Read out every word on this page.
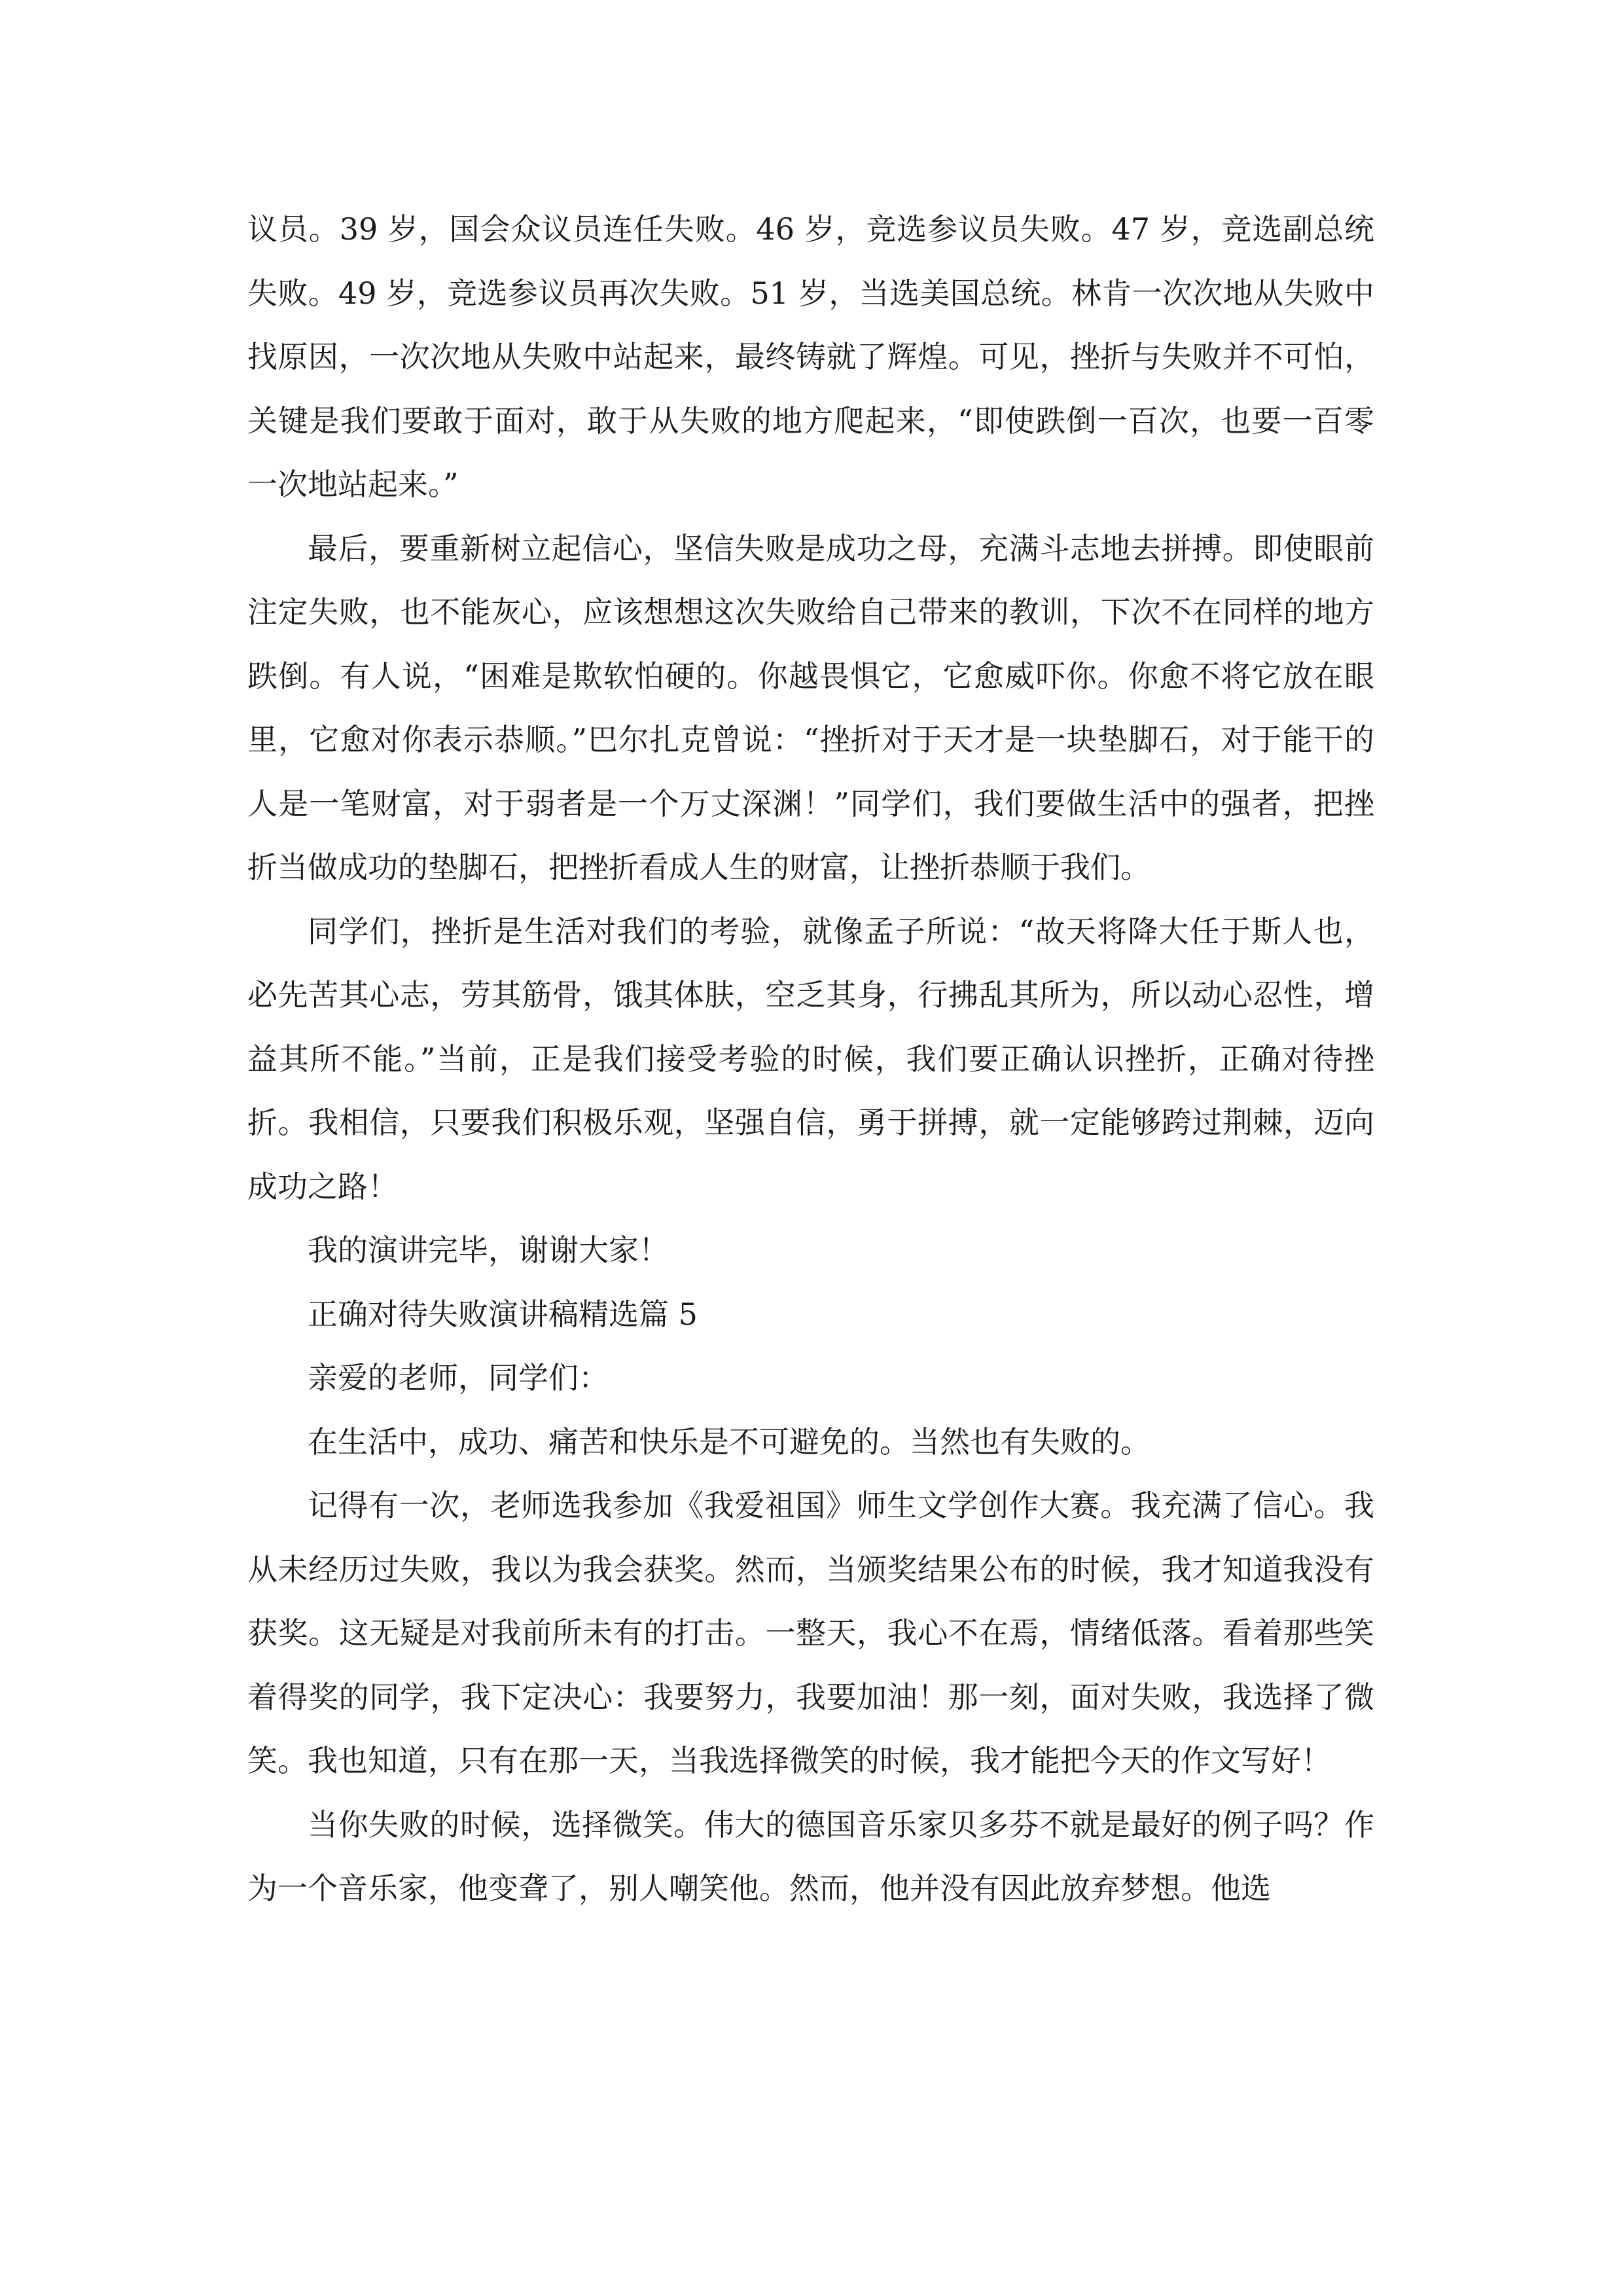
议员。39 岁，国会众议员连任失败。46 岁，竞选参议员失败。47 岁，竞选副总统失败。49 岁，竞选参议员再次失败。51 岁，当选美国总统。林肯一次次地从失败中找原因，一次次地从失败中站起来，最终铸就了辉煌。可见，挫折与失败并不可怕，关键是我们要敢于面对，敢于从失败的地方爬起来，“即使跌倒一百次，也要一百零一次地站起来。”

最后，要重新树立起信心，坚信失败是成功之母，充满斗志地去拼搏。即使眼前注定失败，也不能灰心，应该想想这次失败给自己带来的教训，下次不在同样的地方跌倒。有人说，“困难是欺软怕硬的。你越畏惧它，它愈威吓你。你愈不将它放在眼里，它愈对你表示恭顺。”巴尔扎克曾说：“挫折对于天才是一块垫脚石，对于能干的人是一笔财富，对于弱者是一个万丈深渊！”同学们，我们要做生活中的强者，把挫折当做成功的垫脚石，把挫折看成人生的财富，让挫折恭顺于我们。

同学们，挫折是生活对我们的考验，就像孟子所说：“故天将降大任于斯人也，必先苦其心志，劳其筋骨，饿其体肤，空乏其身，行拂乱其所为，所以动心忍性，增益其所不能。”当前，正是我们接受考验的时候，我们要正确认识挫折，正确对待挫折。我相信，只要我们积极乐观，坚强自信，勇于拼搏，就一定能够跨过荆棘，迈向成功之路！

我的演讲完毕，谢谢大家！

正确对待失败演讲稿精选篇 5

亲爱的老师，同学们：

在生活中，成功、痛苦和快乐是不可避免的。当然也有失败的。

记得有一次，老师选我参加《我爱祖国》师生文学创作大赛。我充满了信心。我从未经历过失败，我以为我会获奖。然而，当颁奖结果公布的时候，我才知道我没有获奖。这无疑是对我前所未有的打击。一整天，我心不在焉，情绪低落。看着那些笑着得奖的同学，我下定决心：我要努力，我要加油！那一刻，面对失败，我选择了微笑。我也知道，只有在那一天，当我选择微笑的时候，我才能把今天的作文写好！

当你失败的时候，选择微笑。伟大的德国音乐家贝多芬不就是最好的例子吗？作为一个音乐家，他变聋了，别人嘲笑他。然而，他并没有因此放弃梦想。他选
